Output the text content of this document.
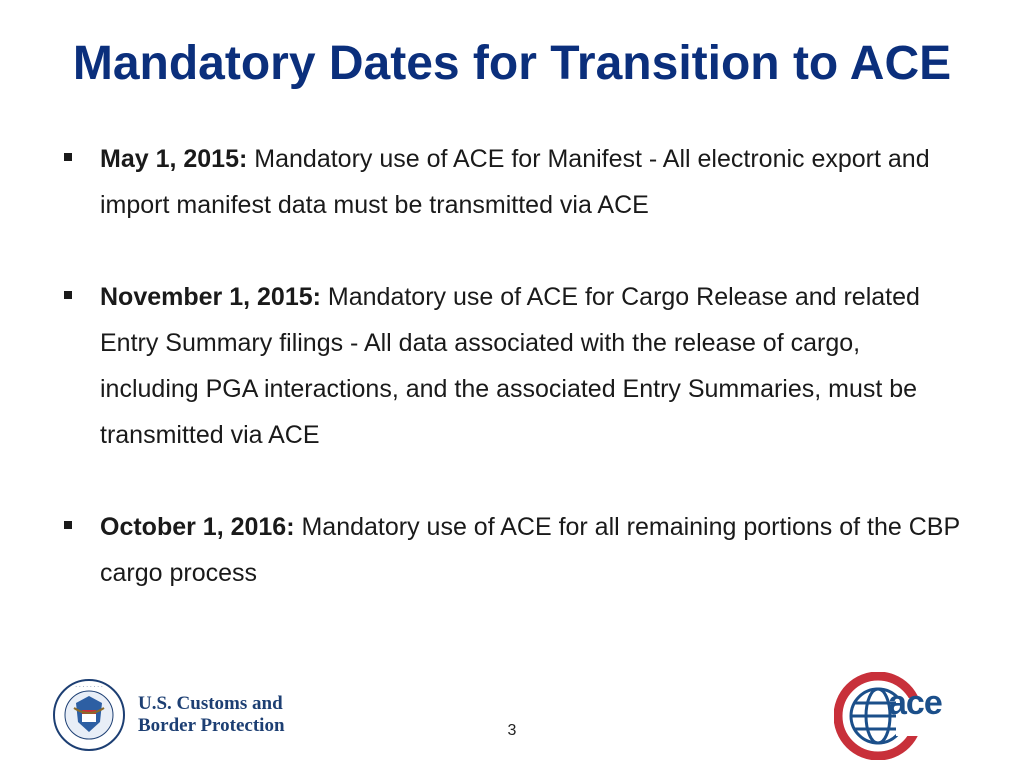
Mandatory Dates for Transition to ACE
May 1, 2015: Mandatory use of ACE for Manifest - All electronic export and import manifest data must be transmitted via ACE
November 1, 2015: Mandatory use of ACE for Cargo Release and related Entry Summary filings - All data associated with the release of cargo, including PGA interactions, and the associated Entry Summaries, must be transmitted via ACE
October 1, 2016: Mandatory use of ACE for all remaining portions of the CBP cargo process
· · · · · · · ·
U.S. Customs and
Border Protection	3
ace
